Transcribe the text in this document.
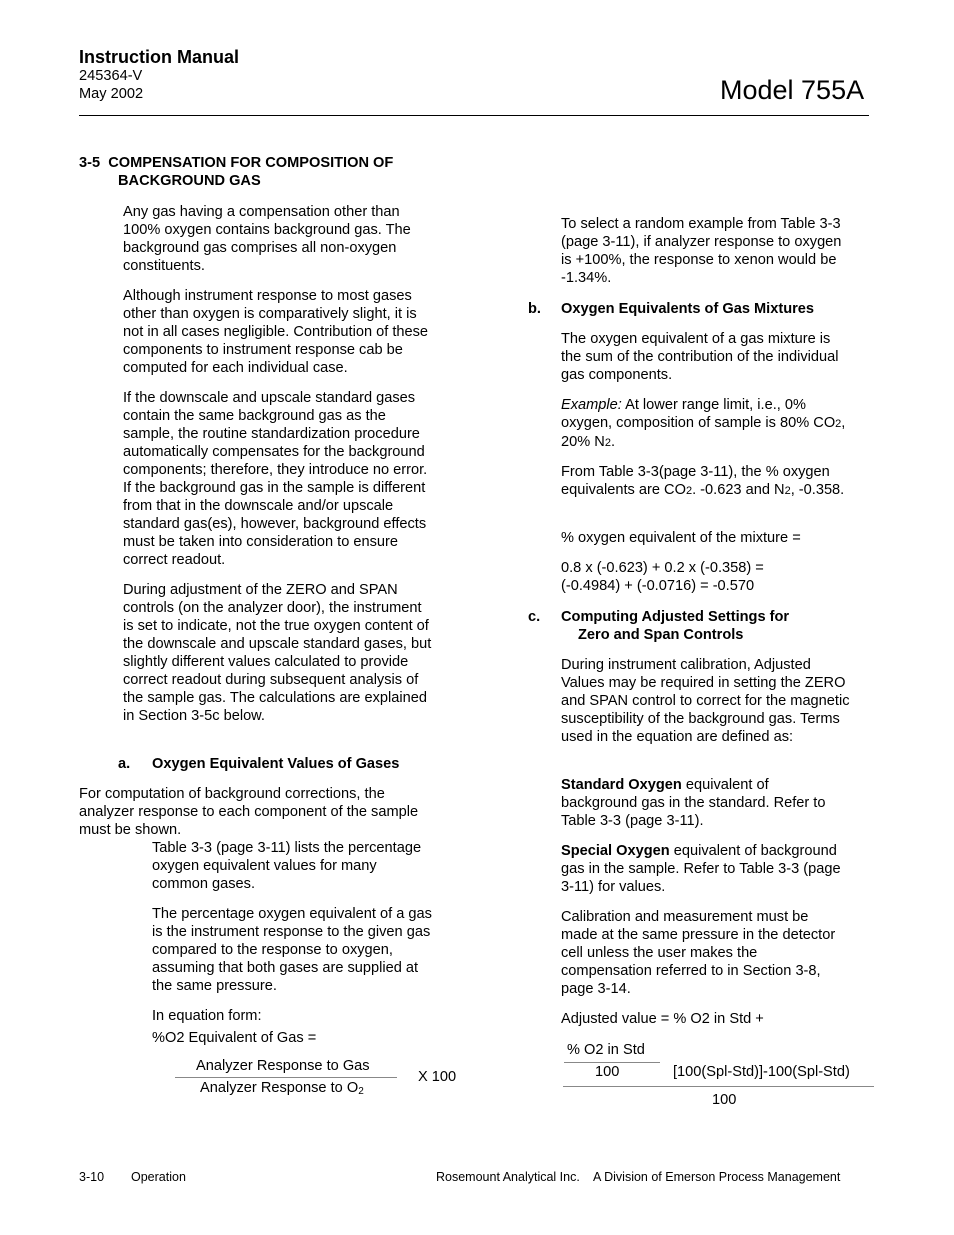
Instruction Manual
245364-V
May 2002	Model 755A
3-5 COMPENSATION FOR COMPOSITION OF
BACKGROUND GAS

Any gas having a compensation other than 100% oxygen contains background gas. The background gas comprises all non-oxygen constituents.

Although instrument response to most gases other than oxygen is comparatively slight, it is not in all cases negligible. Contribution of these components to instrument response cab be computed for each individual case.

If the downscale and upscale standard gases contain the same background gas as the sample, the routine standardization procedure automatically compensates for the background components; therefore, they introduce no error. If the background gas in the sample is different from that in the downscale and/or upscale standard gas(es), however, background effects must be taken into consideration to ensure correct readout.

During adjustment of the ZERO and SPAN controls (on the analyzer door), the instrument is set to indicate, not the true oxygen content of the downscale and upscale standard gases, but slightly different values calculated to provide correct readout during subsequent analysis of the sample gas. The calculations are explained in Section 3-5c below.

a. Oxygen Equivalent Values of Gases

For computation of background corrections, the analyzer response to each component of the sample must be shown.

Table 3-3 (page 3-11) lists the percentage oxygen equivalent values for many common gases.

The percentage oxygen equivalent of a gas is the instrument response to the given gas compared to the response to oxygen, assuming that both gases are supplied at the same pressure.

In equation form:
%O2 Equivalent of Gas =
Analyzer Response to Gas
Analyzer Response to $O_2$
X 100

To select a random example from Table 3-3 (page 3-11), if analyzer response to oxygen is +100%, the response to xenon would be -1.34%.

b. Oxygen Equivalents of Gas Mixtures

The oxygen equivalent of a gas mixture is the sum of the contribution of the individual gas components.

Example: At lower range limit, i.e., 0% oxygen, composition of sample is 80% CO2, 20% N2.

From Table 3-3(page 3-11), the % oxygen equivalents are CO2. -0.623 and N2, -0.358.

% oxygen equivalent of the mixture =

0.8 x (-0.623) + 0.2 x (-0.358) = (-0.4984) + (-0.0716) = -0.570

c. Computing Adjusted Settings for
Zero and Span Controls

During instrument calibration, Adjusted Values may be required in setting the ZERO and SPAN control to correct for the magnetic susceptibility of the background gas. Terms used in the equation are defined as:

Standard Oxygen equivalent of background gas in the standard. Refer to Table 3-3 (page 3-11).

Special Oxygen equivalent of background gas in the sample. Refer to Table 3-3 (page 3-11) for values.

Calibration and measurement must be made at the same pressure in the detector cell unless the user makes the compensation referred to in Section 3-8, page 3-14.

Adjusted value = % O2 in Std +
% O2 in Std
100	[100(Spl-Std)]-100(Spl-Std)
100
3-10 Operation	Rosemount Analytical Inc. A Division of Emerson Process Management
